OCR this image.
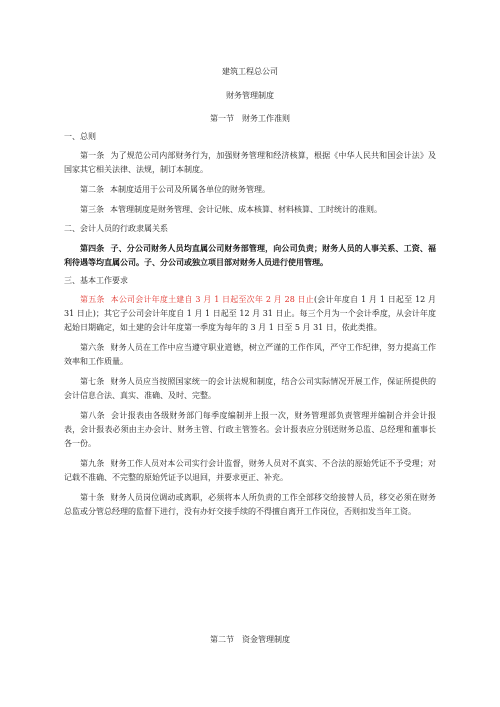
建筑工程总公司

财务管理制度

第一节　财务工作准则

一、总则

第一条 为了规范公司内部财务行为，加强财务管理和经济核算，根据《中华人民共和国会计法》及国家其它相关法律、法规，制订本制度。

第二条 本制度适用于公司及所属各单位的财务管理。

第三条 本管理制度是财务管理、会计记帐、成本核算、材料核算、工时统计的准则。

二、会计人员的行政隶属关系

第四条 子、分公司财务人员均直属公司财务部管理，向公司负责；财务人员的人事关系、工资、福利待遇等均直属公司。子、分公司或独立项目部对财务人员进行使用管理。

三、基本工作要求

第五条 本公司会计年度土建自 3 月 1 日起至次年 2 月 28 日止(会计年度自 1 月 1 日起至 12 月 31 日止)；其它子公司会计年度自 1 月 1 日起至 12 月 31 日止。每三个月为一个会计季度，从会计年度起始日期确定，如土建的会计年度第一季度为每年的 3 月 1 日至 5 月 31 日，依此类推。

第六条 财务人员在工作中应当遵守职业道德，树立严谨的工作作风，严守工作纪律，努力提高工作效率和工作质量。

第七条 财务人员应当按照国家统一的会计法规和制度，结合公司实际情况开展工作，保证所提供的会计信息合法、真实、准确、及时、完整。

第八条 会计报表由各级财务部门每季度编制并上报一次，财务管理部负责管理并编制合并会计报表，会计报表必须由主办会计、财务主管、行政主管签名。会计报表应分别送财务总监、总经理和董事长各一份。

第九条 财务工作人员对本公司实行会计监督，财务人员对不真实、不合法的原始凭证不予受理；对记载不准确、不完整的原始凭证予以退回，并要求更正、补充。

第十条 财务人员岗位调动或离职，必须将本人所负责的工作全部移交给接替人员，移交必须在财务总监或分管总经理的监督下进行，没有办好交接手续的不得擅自离开工作岗位，否则扣发当年工资。

第二节　资金管理制度
